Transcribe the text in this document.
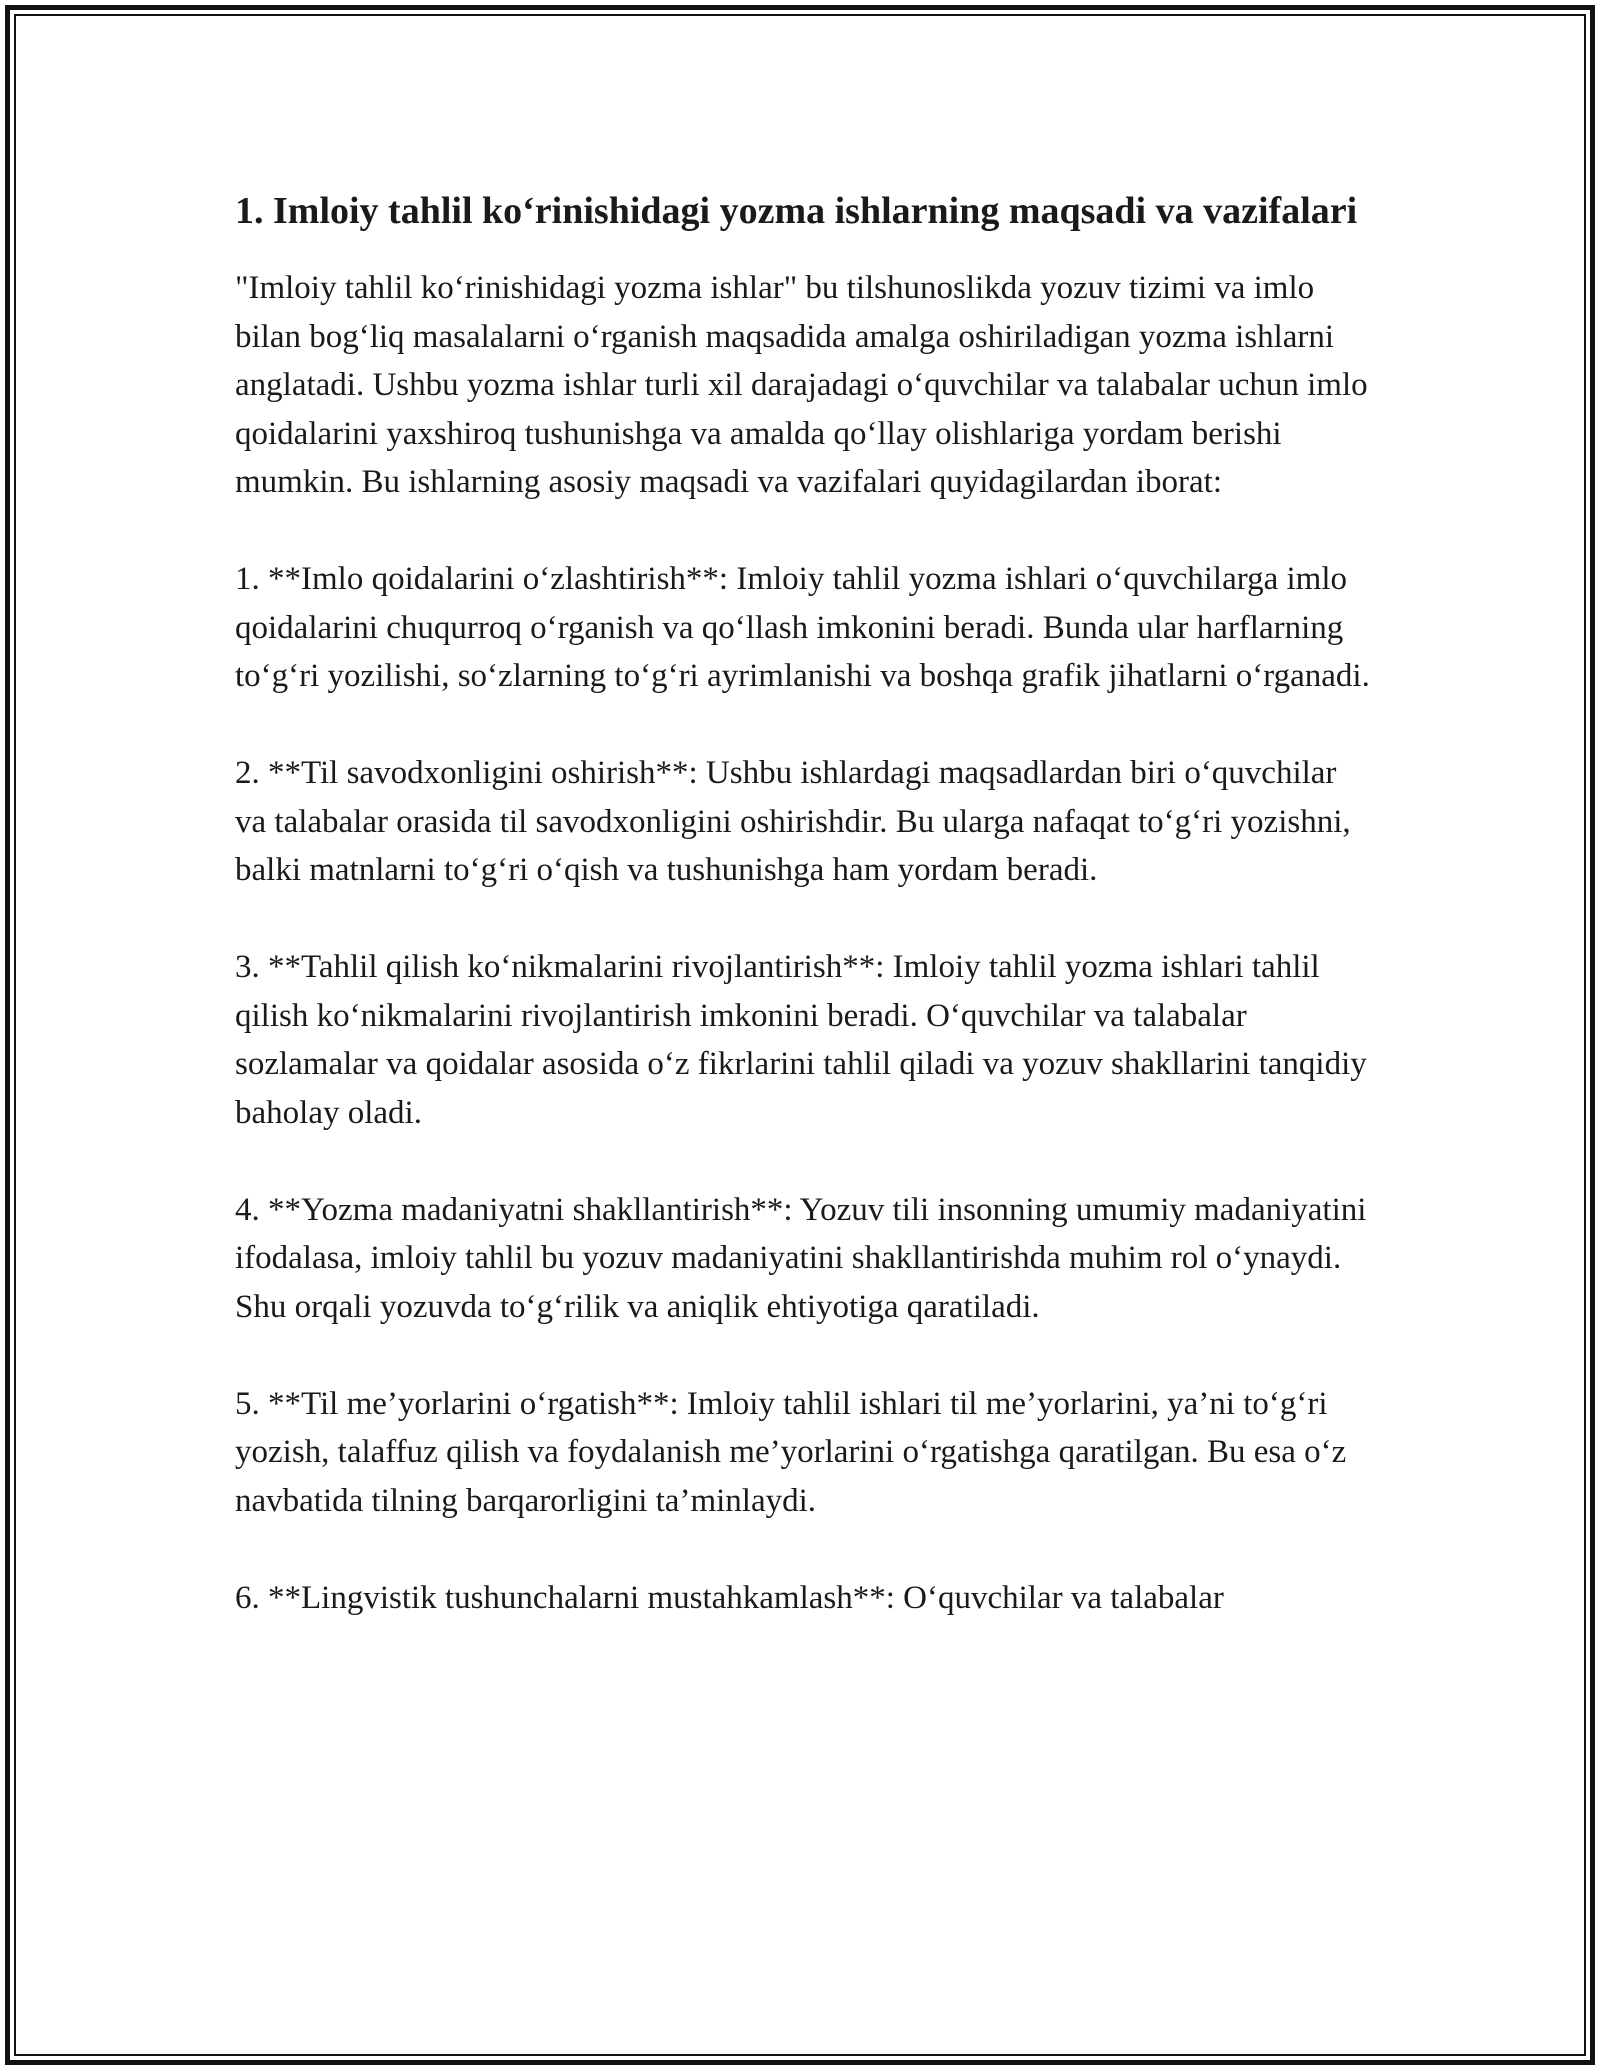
1. Imloiy tahlil koʻrinishidagi yozma ishlarning maqsadi va vazifalari

"Imloiy tahlil koʻrinishidagi yozma ishlar" bu tilshunoslikda yozuv tizimi va imlo bilan bogʻliq masalalarni oʻrganish maqsadida amalga oshiriladigan yozma ishlarni anglatadi. Ushbu yozma ishlar turli xil darajadagi oʻquvchilar va talabalar uchun imlo qoidalarini yaxshiroq tushunishga va amalda qoʻllay olishlariga yordam berishi mumkin. Bu ishlarning asosiy maqsadi va vazifalari quyidagilardan iborat:

1. **Imlo qoidalarini oʻzlashtirish**: Imloiy tahlil yozma ishlari oʻquvchilarga imlo qoidalarini chuqurroq oʻrganish va qoʻllash imkonini beradi. Bunda ular harflarning toʻgʻri yozilishi, soʻzlarning toʻgʻri ayrimlanishi va boshqa grafik jihatlarni oʻrganadi.

2. **Til savodxonligini oshirish**: Ushbu ishlardagi maqsadlardan biri oʻquvchilar va talabalar orasida til savodxonligini oshirishdir. Bu ularga nafaqat toʻgʻri yozishni, balki matnlarni toʻgʻri oʻqish va tushunishga ham yordam beradi.

3. **Tahlil qilish koʻnikmalarini rivojlantirish**: Imloiy tahlil yozma ishlari tahlil qilish koʻnikmalarini rivojlantirish imkonini beradi. Oʻquvchilar va talabalar sozlamalar va qoidalar asosida oʻz fikrlarini tahlil qiladi va yozuv shakllarini tanqidiy baholay oladi.

4. **Yozma madaniyatni shakllantirish**: Yozuv tili insonning umumiy madaniyatini ifodalasa, imloiy tahlil bu yozuv madaniyatini shakllantirishda muhim rol oʻynaydi. Shu orqali yozuvda toʻgʻrilik va aniqlik ehtiyotiga qaratiladi.

5. **Til me’yorlarini oʻrgatish**: Imloiy tahlil ishlari til me’yorlarini, ya’ni toʻgʻri yozish, talaffuz qilish va foydalanish me’yorlarini oʻrgatishga qaratilgan. Bu esa oʻz navbatida tilning barqarorligini ta’minlaydi.

6. **Lingvistik tushunchalarni mustahkamlash**: Oʻquvchilar va talabalar
